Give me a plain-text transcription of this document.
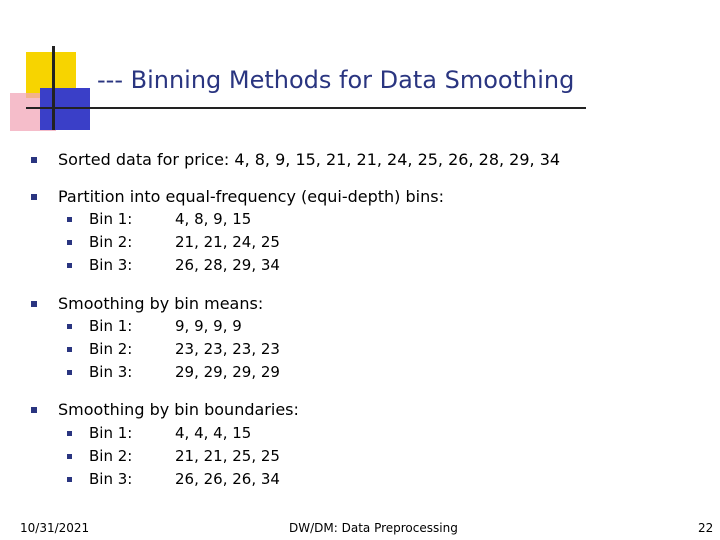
--- Binning Methods for Data Smoothing
Sorted data for price: 4, 8, 9, 15, 21, 21, 24, 25, 26, 28, 29, 34
Partition into equal-frequency (equi-depth) bins:
Bin 1:	4, 8, 9, 15
Bin 2:	21, 21, 24, 25
Bin 3:	26, 28, 29, 34
Smoothing by bin means:
Bin 1:	9, 9, 9, 9
Bin 2:	23, 23, 23, 23
Bin 3:	29, 29, 29, 29
Smoothing by bin boundaries:
Bin 1:	4, 4, 4, 15
Bin 2:	21, 21, 25, 25
Bin 3:	26, 26, 26, 34
10/31/2021	DW/DM: Data Preprocessing	22
